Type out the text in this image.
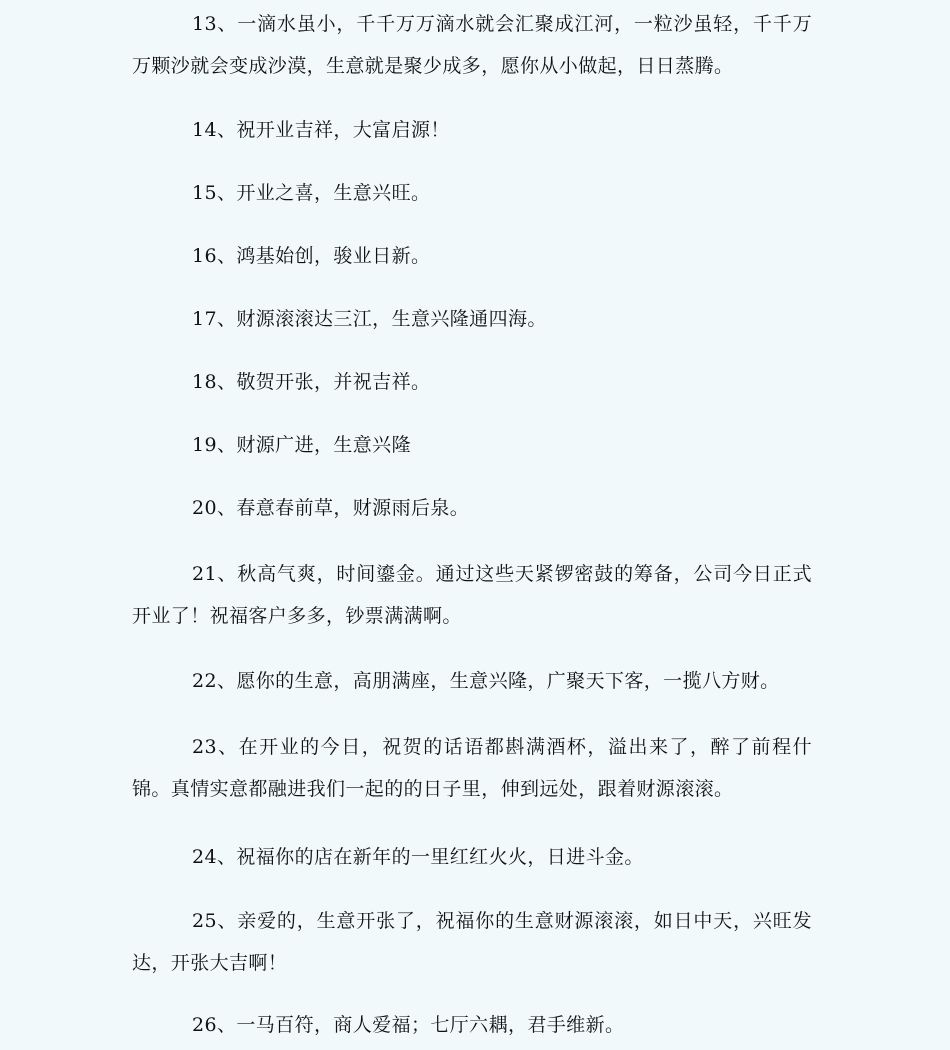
13、一滴水虽小，千千万万滴水就会汇聚成江河，一粒沙虽轻，千千万万颗沙就会变成沙漠，生意就是聚少成多，愿你从小做起，日日蒸腾。

14、祝开业吉祥，大富启源！

15、开业之喜，生意兴旺。

16、鸿基始创，骏业日新。

17、财源滚滚达三江，生意兴隆通四海。

18、敬贺开张，并祝吉祥。

19、财源广进，生意兴隆

20、春意春前草，财源雨后泉。

21、秋高气爽，时间鎏金。通过这些天紧锣密鼓的筹备，公司今日正式开业了！祝福客户多多，钞票满满啊。

22、愿你的生意，高朋满座，生意兴隆，广聚天下客，一揽八方财。

23、在开业的今日，祝贺的话语都斟满酒杯，溢出来了，醉了前程什锦。真情实意都融进我们一起的的日子里，伸到远处，跟着财源滚滚。

24、祝福你的店在新年的一里红红火火，日进斗金。

25、亲爱的，生意开张了，祝福你的生意财源滚滚，如日中天，兴旺发达，开张大吉啊！

26、一马百符，商人爱福；七厅六耦，君手维新。
